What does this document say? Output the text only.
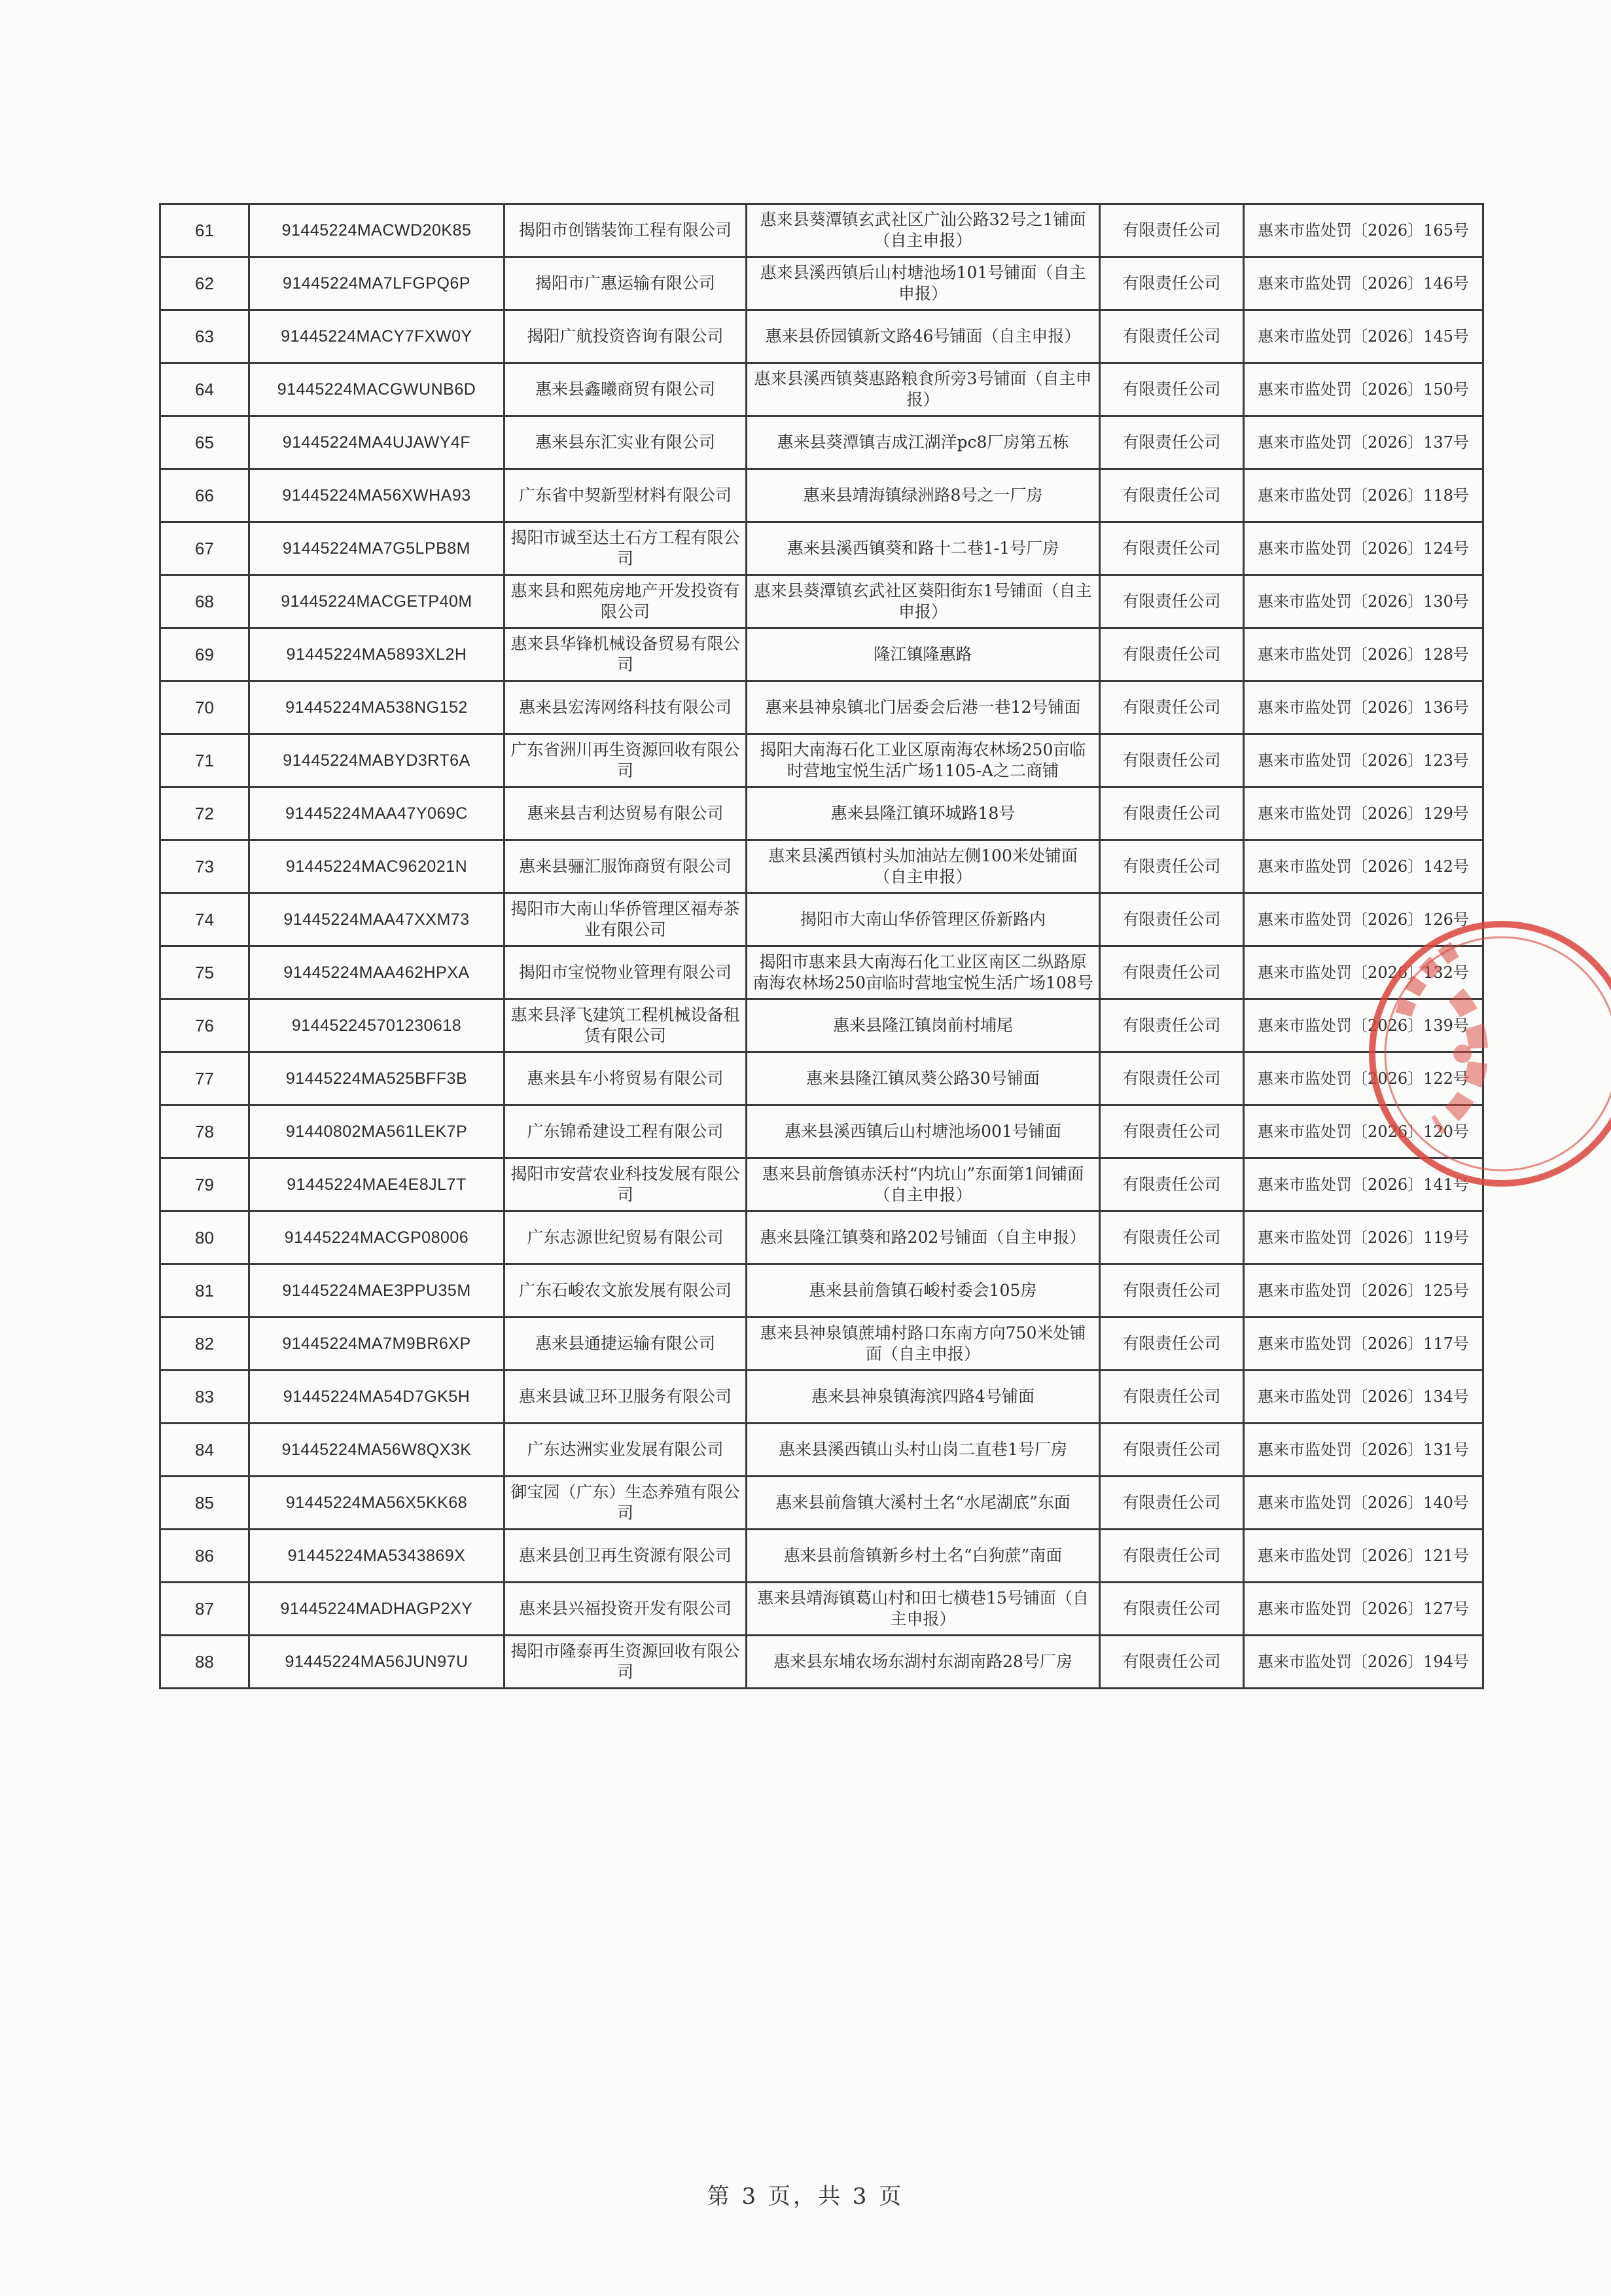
61	91445224MACWD20K85	揭阳市创锴装饰工程有限公司	惠来县葵潭镇玄武社区广汕公路32号之1铺面（自主申报）	有限责任公司	惠来市监处罚〔2026〕165号
62	91445224MA7LFGPQ6P	揭阳市广惠运输有限公司	惠来县溪西镇后山村塘池场101号铺面（自主申报）	有限责任公司	惠来市监处罚〔2026〕146号
63	91445224MACY7FXW0Y	揭阳广航投资咨询有限公司	惠来县侨园镇新文路46号铺面（自主申报）	有限责任公司	惠来市监处罚〔2026〕145号
64	91445224MACGWUNB6D	惠来县鑫曦商贸有限公司	惠来县溪西镇葵惠路粮食所旁3号铺面（自主申报）	有限责任公司	惠来市监处罚〔2026〕150号
65	91445224MA4UJAWY4F	惠来县东汇实业有限公司	惠来县葵潭镇吉成江湖洋pc8厂房第五栋	有限责任公司	惠来市监处罚〔2026〕137号
66	91445224MA56XWHA93	广东省中契新型材料有限公司	惠来县靖海镇绿洲路8号之一厂房	有限责任公司	惠来市监处罚〔2026〕118号
67	91445224MA7G5LPB8M	揭阳市诚至达土石方工程有限公司	惠来县溪西镇葵和路十二巷1-1号厂房	有限责任公司	惠来市监处罚〔2026〕124号
68	91445224MACGETP40M	惠来县和熙苑房地产开发投资有限公司	惠来县葵潭镇玄武社区葵阳街东1号铺面（自主申报）	有限责任公司	惠来市监处罚〔2026〕130号
69	91445224MA5893XL2H	惠来县华锋机械设备贸易有限公司	隆江镇隆惠路	有限责任公司	惠来市监处罚〔2026〕128号
70	91445224MA538NG152	惠来县宏涛网络科技有限公司	惠来县神泉镇北门居委会后港一巷12号铺面	有限责任公司	惠来市监处罚〔2026〕136号
71	91445224MABYD3RT6A	广东省洲川再生资源回收有限公司	揭阳大南海石化工业区原南海农林场250亩临时营地宝悦生活广场1105-A之二商铺	有限责任公司	惠来市监处罚〔2026〕123号
72	91445224MAA47Y069C	惠来县吉利达贸易有限公司	惠来县隆江镇环城路18号	有限责任公司	惠来市监处罚〔2026〕129号
73	91445224MAC962021N	惠来县骊汇服饰商贸有限公司	惠来县溪西镇村头加油站左侧100米处铺面（自主申报）	有限责任公司	惠来市监处罚〔2026〕142号
74	91445224MAA47XXM73	揭阳市大南山华侨管理区福寿茶业有限公司	揭阳市大南山华侨管理区侨新路内	有限责任公司	惠来市监处罚〔2026〕126号
75	91445224MAA462HPXA	揭阳市宝悦物业管理有限公司	揭阳市惠来县大南海石化工业区南区二纵路原南海农林场250亩临时营地宝悦生活广场108号	有限责任公司	惠来市监处罚〔2026〕132号
76	914452245701230618	惠来县泽飞建筑工程机械设备租赁有限公司	惠来县隆江镇岗前村埔尾	有限责任公司	惠来市监处罚〔2026〕139号
77	91445224MA525BFF3B	惠来县车小将贸易有限公司	惠来县隆江镇凤葵公路30号铺面	有限责任公司	惠来市监处罚〔2026〕122号
78	91440802MA561LEK7P	广东锦希建设工程有限公司	惠来县溪西镇后山村塘池场001号铺面	有限责任公司	惠来市监处罚〔2026〕120号
79	91445224MAE4E8JL7T	揭阳市安营农业科技发展有限公司	惠来县前詹镇赤沃村“内坑山”东面第1间铺面（自主申报）	有限责任公司	惠来市监处罚〔2026〕141号
80	91445224MACGP08006	广东志源世纪贸易有限公司	惠来县隆江镇葵和路202号铺面（自主申报）	有限责任公司	惠来市监处罚〔2026〕119号
81	91445224MAE3PPU35M	广东石峻农文旅发展有限公司	惠来县前詹镇石峻村委会105房	有限责任公司	惠来市监处罚〔2026〕125号
82	91445224MA7M9BR6XP	惠来县通捷运输有限公司	惠来县神泉镇蔗埔村路口东南方向750米处铺面（自主申报）	有限责任公司	惠来市监处罚〔2026〕117号
83	91445224MA54D7GK5H	惠来县诚卫环卫服务有限公司	惠来县神泉镇海滨四路4号铺面	有限责任公司	惠来市监处罚〔2026〕134号
84	91445224MA56W8QX3K	广东达洲实业发展有限公司	惠来县溪西镇山头村山岗二直巷1号厂房	有限责任公司	惠来市监处罚〔2026〕131号
85	91445224MA56X5KK68	御宝园（广东）生态养殖有限公司	惠来县前詹镇大溪村土名“水尾湖底”东面	有限责任公司	惠来市监处罚〔2026〕140号
86	91445224MA5343869X	惠来县创卫再生资源有限公司	惠来县前詹镇新乡村土名“白狗蔗”南面	有限责任公司	惠来市监处罚〔2026〕121号
87	91445224MADHAGP2XY	惠来县兴福投资开发有限公司	惠来县靖海镇葛山村和田七横巷15号铺面（自主申报）	有限责任公司	惠来市监处罚〔2026〕127号
88	91445224MA56JUN97U	揭阳市隆泰再生资源回收有限公司	惠来县东埔农场东湖村东湖南路28号厂房	有限责任公司	惠来市监处罚〔2026〕194号
第 3 页，共 3 页
